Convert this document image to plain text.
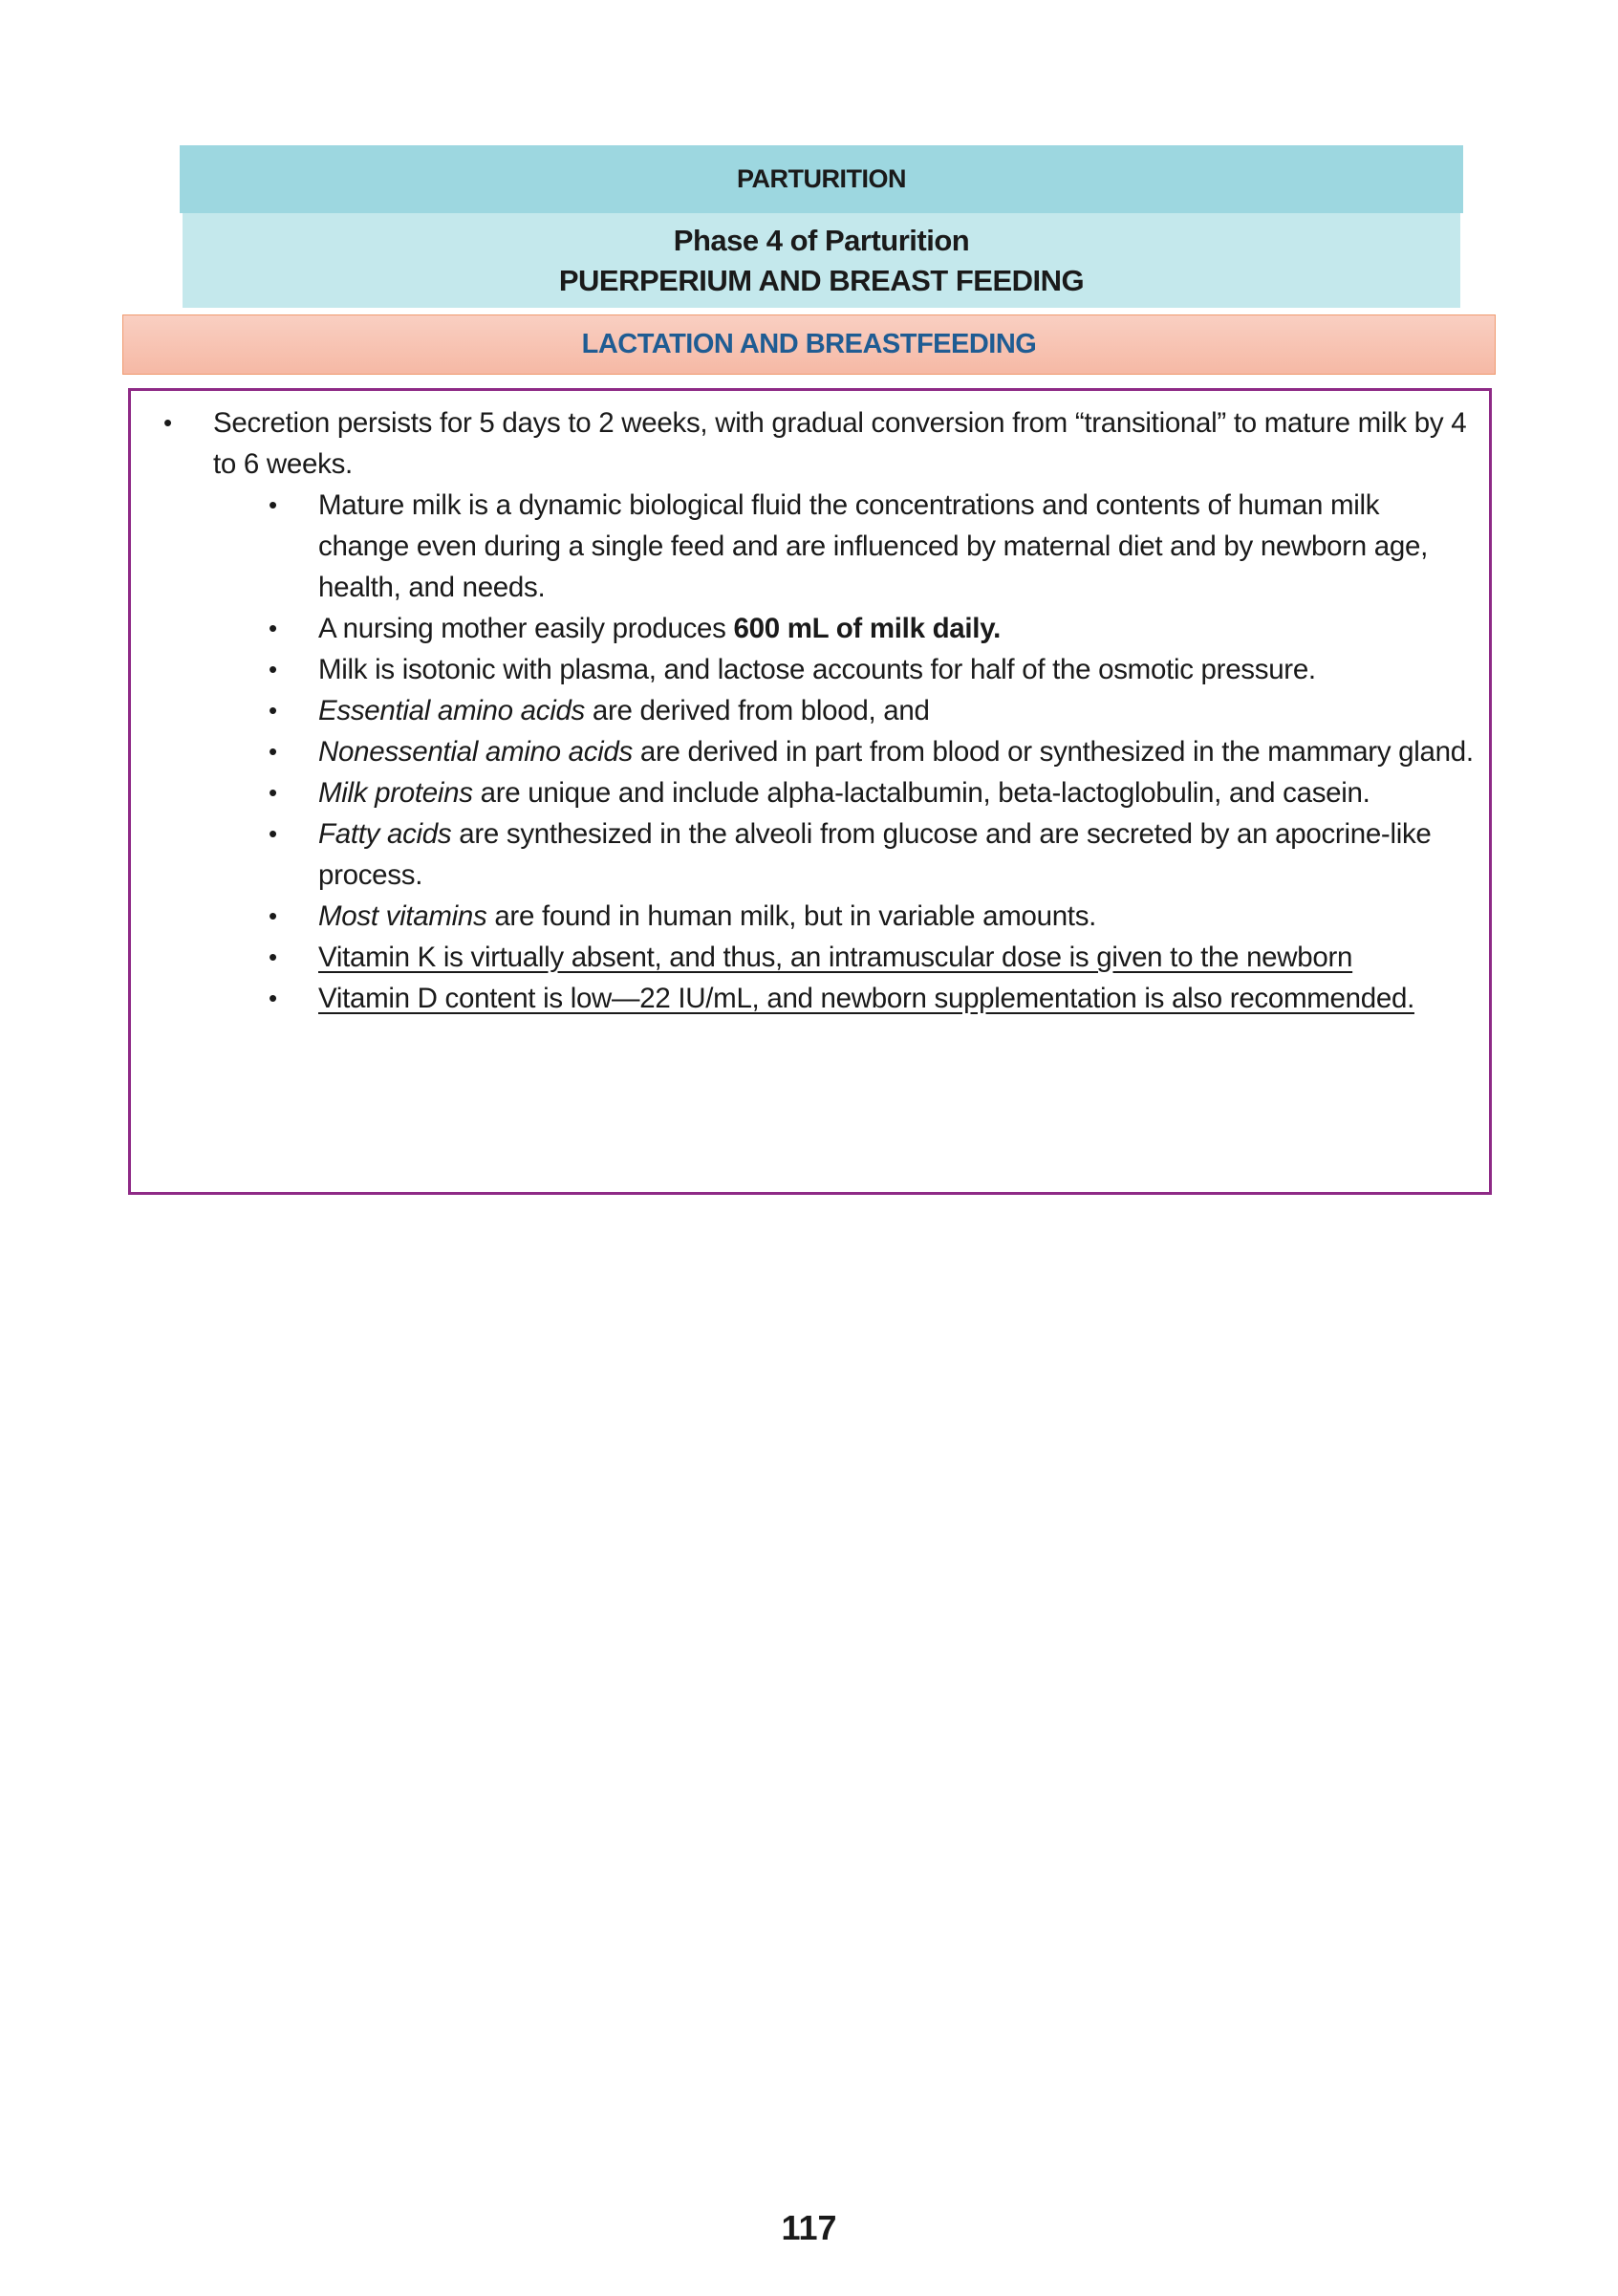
PARTURITION
Phase 4 of Parturition
PUERPERIUM AND BREAST FEEDING
LACTATION AND BREASTFEEDING
• Secretion persists for 5 days to 2 weeks, with gradual conversion from “transitional” to mature milk by 4 to 6 weeks.
• Mature milk is a dynamic biological fluid the concentrations and contents of human milk change even during a single feed and are influenced by maternal diet and by newborn age, health, and needs.
• A nursing mother easily produces 600 mL of milk daily.
• Milk is isotonic with plasma, and lactose accounts for half of the osmotic pressure.
• Essential amino acids are derived from blood, and
• Nonessential amino acids are derived in part from blood or synthesized in the mammary gland.
• Milk proteins are unique and include alpha-lactalbumin, beta-lactoglobulin, and casein.
• Fatty acids are synthesized in the alveoli from glucose and are secreted by an apocrine-like process.
• Most vitamins are found in human milk, but in variable amounts.
• Vitamin K is virtually absent, and thus, an intramuscular dose is given to the newborn
• Vitamin D content is low—22 IU/mL, and newborn supplementation is also recommended.
117
